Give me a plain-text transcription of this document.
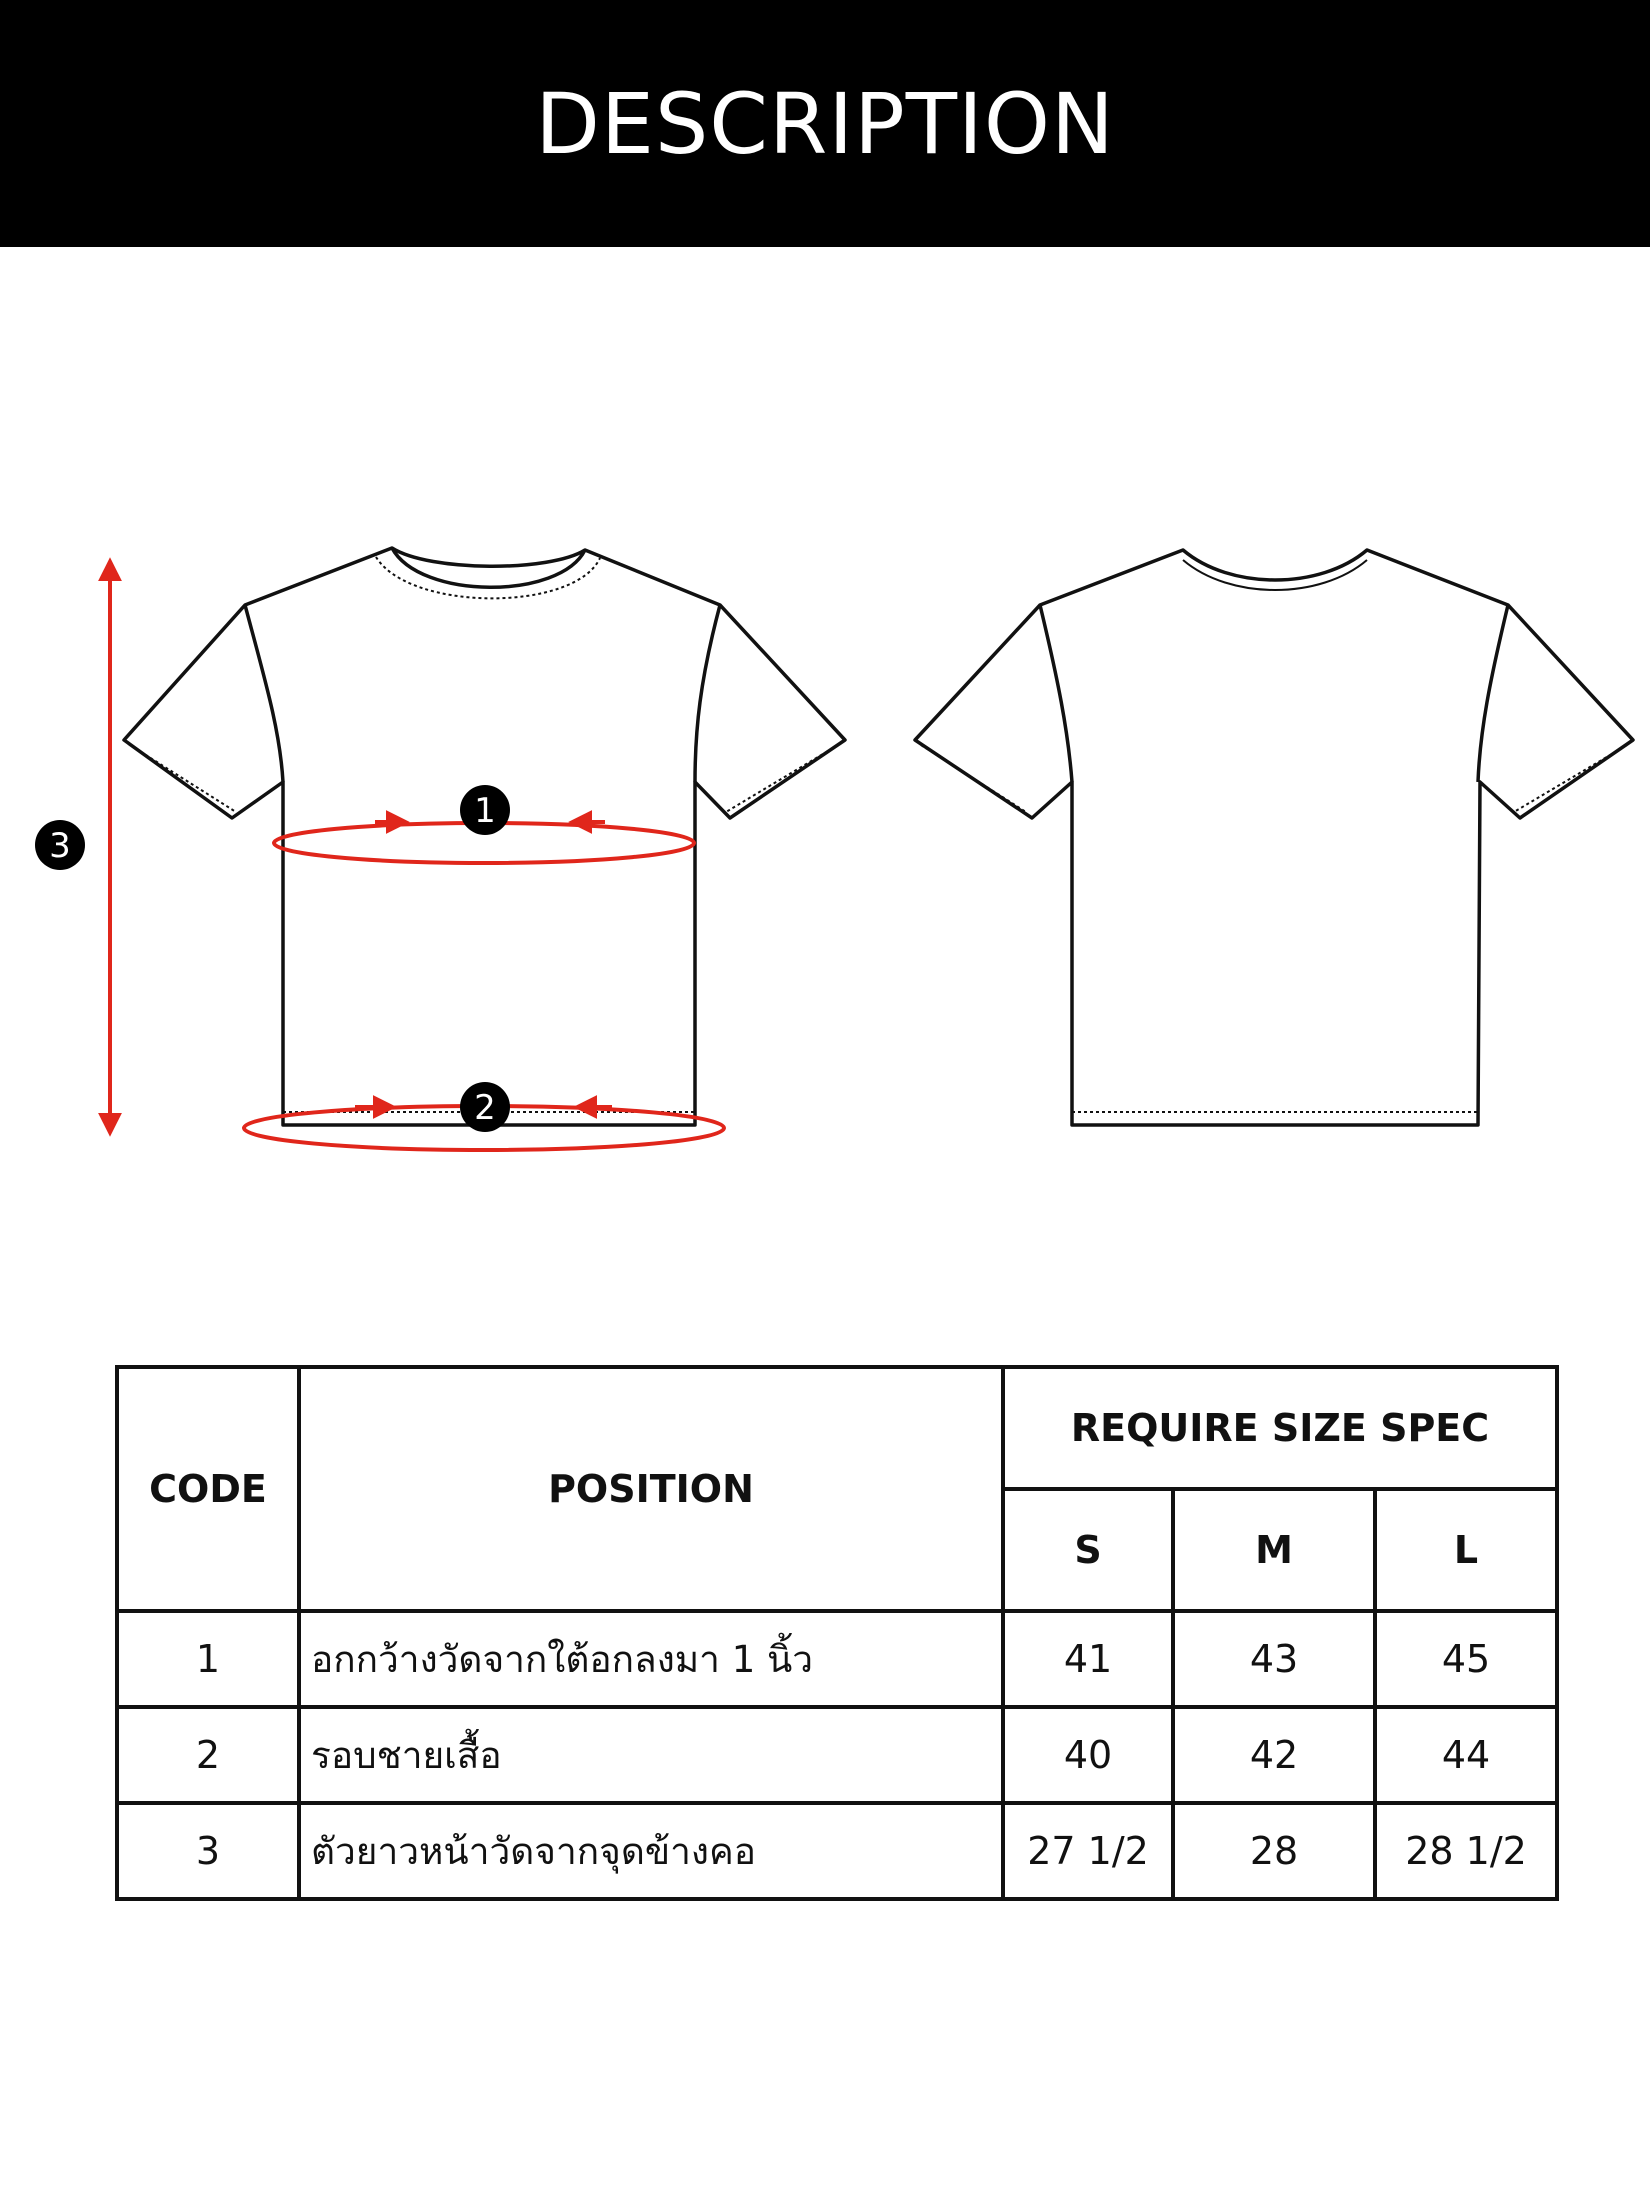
DESCRIPTION
1
2
3
CODE	POSITION	REQUIRE SIZE SPEC		
		S	M	L
1	อกกว้างวัดจากใต้อกลงมา 1 นิ้ว	41	43	45
2	รอบชายเสื้อ	40	42	44
3	ตัวยาวหน้าวัดจากจุดข้างคอ	27 1/2	28	28 1/2
